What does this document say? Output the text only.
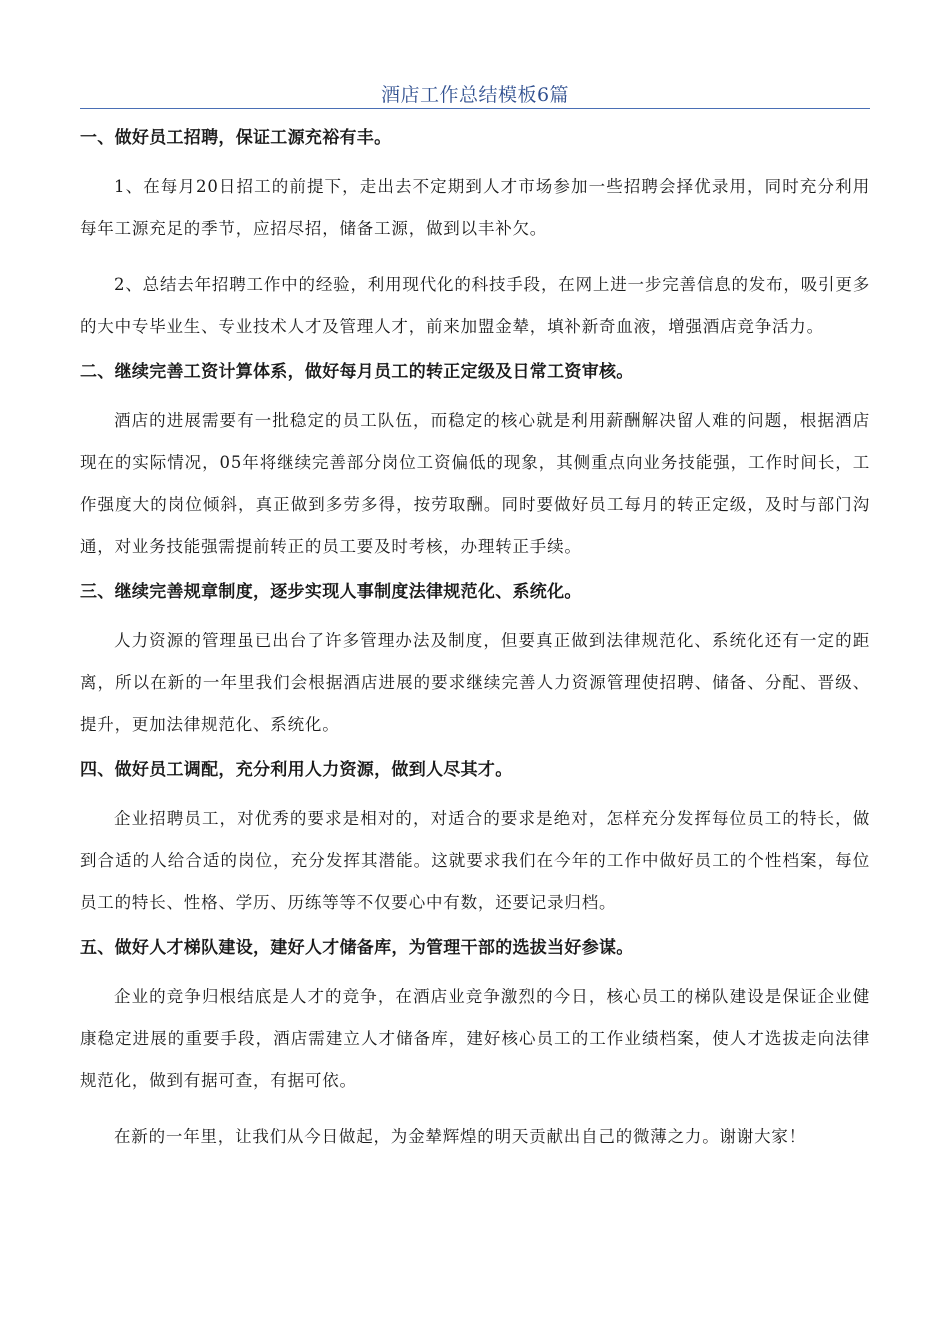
酒店工作总结模板6篇

一、做好员工招聘，保证工源充裕有丰。

1、在每月20日招工的前提下，走出去不定期到人才市场参加一些招聘会择优录用，同时充分利用每年工源充足的季节，应招尽招，储备工源，做到以丰补欠。

2、总结去年招聘工作中的经验，利用现代化的科技手段，在网上进一步完善信息的发布，吸引更多的大中专毕业生、专业技术人才及管理人才，前来加盟金辇，填补新奇血液，增强酒店竞争活力。

二、继续完善工资计算体系，做好每月员工的转正定级及日常工资审核。

酒店的进展需要有一批稳定的员工队伍，而稳定的核心就是利用薪酬解决留人难的问题，根据酒店现在的实际情况，05年将继续完善部分岗位工资偏低的现象，其侧重点向业务技能强，工作时间长，工作强度大的岗位倾斜，真正做到多劳多得，按劳取酬。同时要做好员工每月的转正定级，及时与部门沟通，对业务技能强需提前转正的员工要及时考核，办理转正手续。

三、继续完善规章制度，逐步实现人事制度法律规范化、系统化。

人力资源的管理虽已出台了许多管理办法及制度，但要真正做到法律规范化、系统化还有一定的距离，所以在新的一年里我们会根据酒店进展的要求继续完善人力资源管理使招聘、储备、分配、晋级、提升，更加法律规范化、系统化。

四、做好员工调配，充分利用人力资源，做到人尽其才。

企业招聘员工，对优秀的要求是相对的，对适合的要求是绝对，怎样充分发挥每位员工的特长，做到合适的人给合适的岗位，充分发挥其潜能。这就要求我们在今年的工作中做好员工的个性档案，每位员工的特长、性格、学历、历练等等不仅要心中有数，还要记录归档。

五、做好人才梯队建设，建好人才储备库，为管理干部的选拔当好参谋。

企业的竞争归根结底是人才的竞争，在酒店业竞争激烈的今日，核心员工的梯队建设是保证企业健康稳定进展的重要手段，酒店需建立人才储备库，建好核心员工的工作业绩档案，使人才选拔走向法律规范化，做到有据可查，有据可依。

在新的一年里，让我们从今日做起，为金辇辉煌的明天贡献出自己的微薄之力。谢谢大家！
